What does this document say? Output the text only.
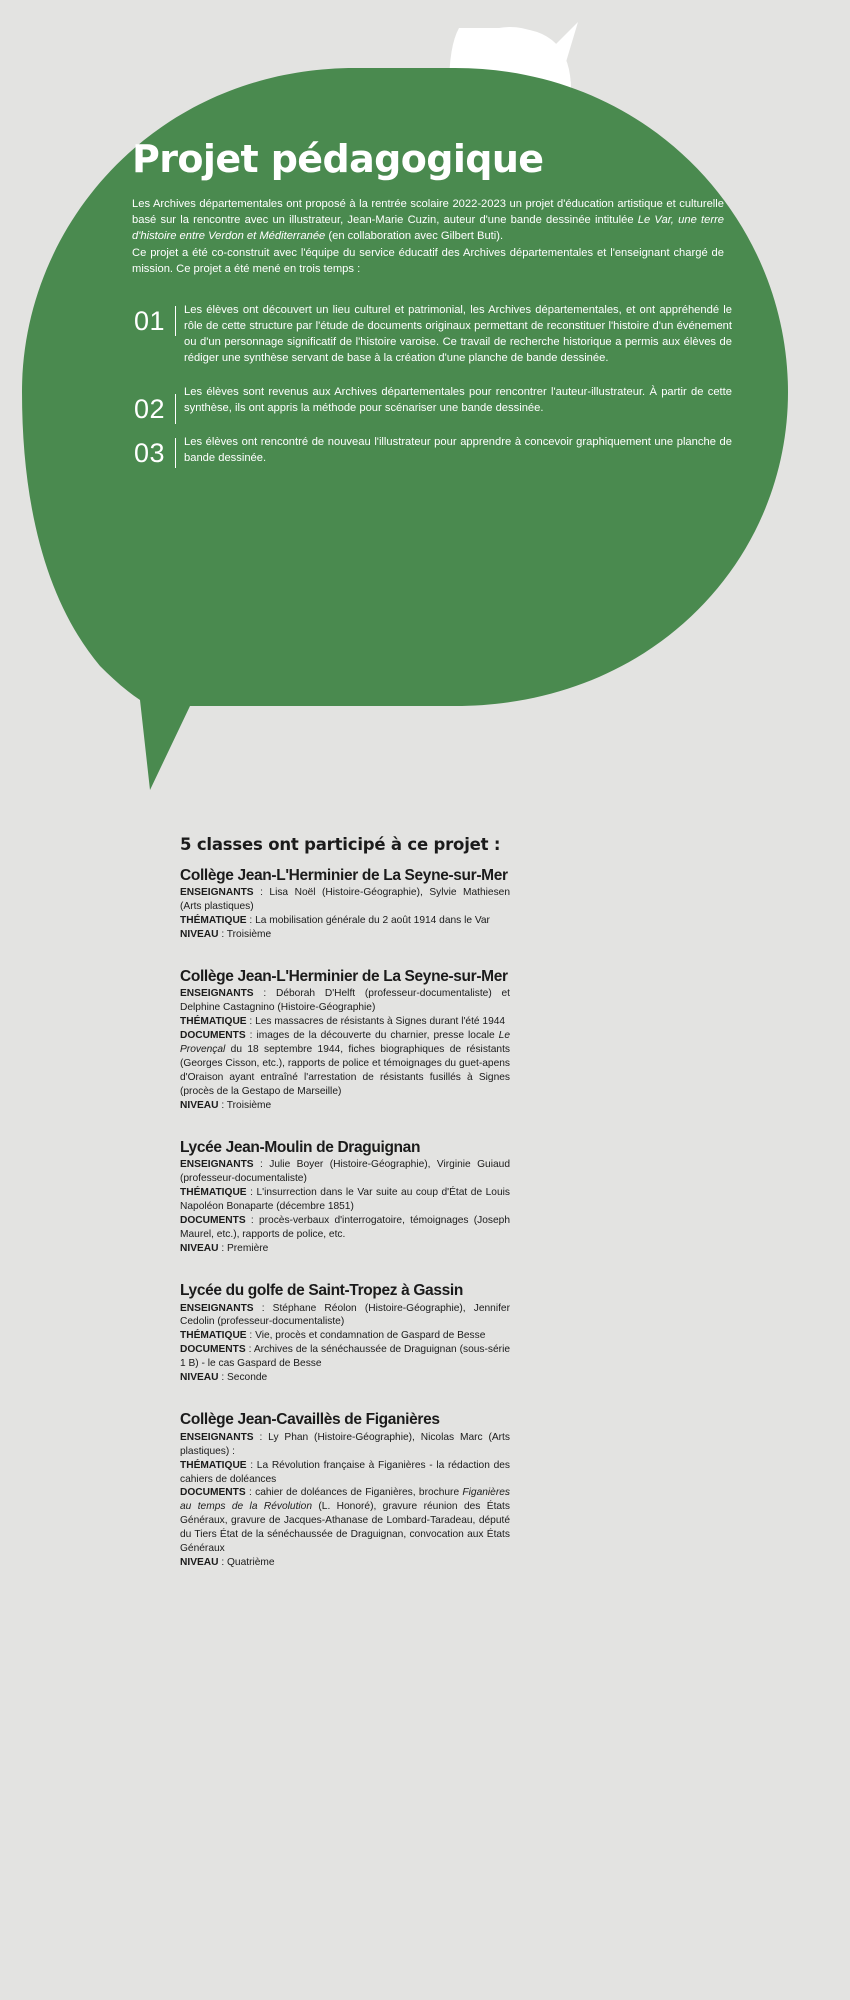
Projet pédagogique
Les Archives départementales ont proposé à la rentrée scolaire 2022-2023 un projet d'éducation artistique et culturelle basé sur la rencontre avec un illustrateur, Jean-Marie Cuzin, auteur d'une bande dessinée intitulée Le Var, une terre d'histoire entre Verdon et Méditerranée (en collaboration avec Gilbert Buti).
Ce projet a été co-construit avec l'équipe du service éducatif des Archives départementales et l'enseignant chargé de mission. Ce projet a été mené en trois temps :
01	Les élèves ont découvert un lieu culturel et patrimonial, les Archives départementales, et ont appréhendé le rôle de cette structure par l'étude de documents originaux permettant de reconstituer l'histoire d'un événement ou d'un personnage significatif de l'histoire varoise. Ce travail de recherche historique a permis aux élèves de rédiger une synthèse servant de base à la création d'une planche de bande dessinée.
02
Les élèves sont revenus aux Archives départementales pour rencontrer l'auteur-illustrateur. À partir de cette synthèse, ils ont appris la méthode pour scénariser une bande dessinée.
03	Les élèves ont rencontré de nouveau l'illustrateur pour apprendre à concevoir graphiquement une planche de bande dessinée.
5 classes ont participé à ce projet :
Collège Jean-L'Herminier de La Seyne-sur-Mer
ENSEIGNANTS : Lisa Noël (Histoire-Géographie), Sylvie Mathiesen (Arts plastiques)
THÉMATIQUE : La mobilisation générale du 2 août 1914 dans le Var
NIVEAU : Troisième
Collège Jean-L'Herminier de La Seyne-sur-Mer
ENSEIGNANTS : Déborah D'Helft (professeur-documentaliste) et Delphine Castagnino (Histoire-Géographie)
THÉMATIQUE : Les massacres de résistants à Signes durant l'été 1944
DOCUMENTS : images de la découverte du charnier, presse locale Le Provençal du 18 septembre 1944, fiches biographiques de résistants (Georges Cisson, etc.), rapports de police et témoignages du guet-apens d'Oraison ayant entraîné l'arrestation de résistants fusillés à Signes (procès de la Gestapo de Marseille)
NIVEAU : Troisième
Lycée Jean-Moulin de Draguignan
ENSEIGNANTS : Julie Boyer (Histoire-Géographie), Virginie Guiaud (professeur-documentaliste)
THÉMATIQUE : L'insurrection dans le Var suite au coup d'État de Louis Napoléon Bonaparte (décembre 1851)
DOCUMENTS : procès-verbaux d'interrogatoire, témoignages (Joseph Maurel, etc.), rapports de police, etc.
NIVEAU : Première
Lycée du golfe de Saint-Tropez à Gassin
ENSEIGNANTS : Stéphane Réolon (Histoire-Géographie), Jennifer Cedolin (professeur-documentaliste)
THÉMATIQUE : Vie, procès et condamnation de Gaspard de Besse
DOCUMENTS : Archives de la sénéchaussée de Draguignan (sous-série 1 B) - le cas Gaspard de Besse
NIVEAU : Seconde
Collège Jean-Cavaillès de Figanières
ENSEIGNANTS : Ly Phan (Histoire-Géographie), Nicolas Marc (Arts plastiques) :
THÉMATIQUE : La Révolution française à Figanières - la rédaction des cahiers de doléances
DOCUMENTS : cahier de doléances de Figanières, brochure Figanières au temps de la Révolution (L. Honoré), gravure réunion des États Généraux, gravure de Jacques-Athanase de Lombard-Taradeau, député du Tiers État de la sénéchaussée de Draguignan, convocation aux États Généraux
NIVEAU : Quatrième
